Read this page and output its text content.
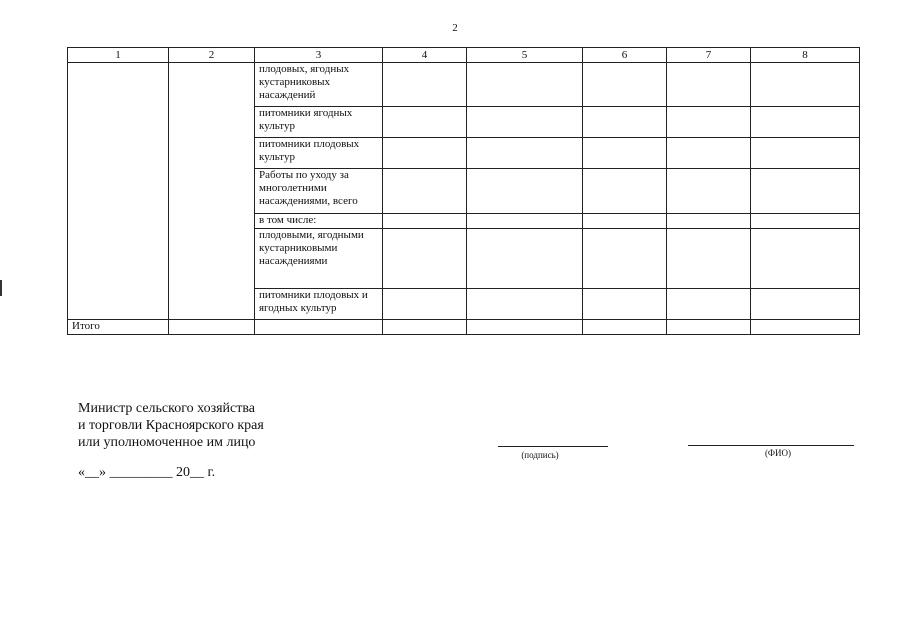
2
1	2	3	4	5	6	7	8
		плодовых, ягодных кустарниковых насаждений					
		питомники ягодных культур					
		питомники плодовых культур					
		Работы по уходу за многолетними насаждениями, всего					
		в том числе:					
		плодовыми, ягодными кустарниковыми насаждениями					
		питомники плодовых и ягодных культур					
Итого							
Министр сельского хозяйства
и торговли Красноярского края
или уполномоченное им лицо
«__» _________ 20__ г.
(подпись)	(ФИО)
